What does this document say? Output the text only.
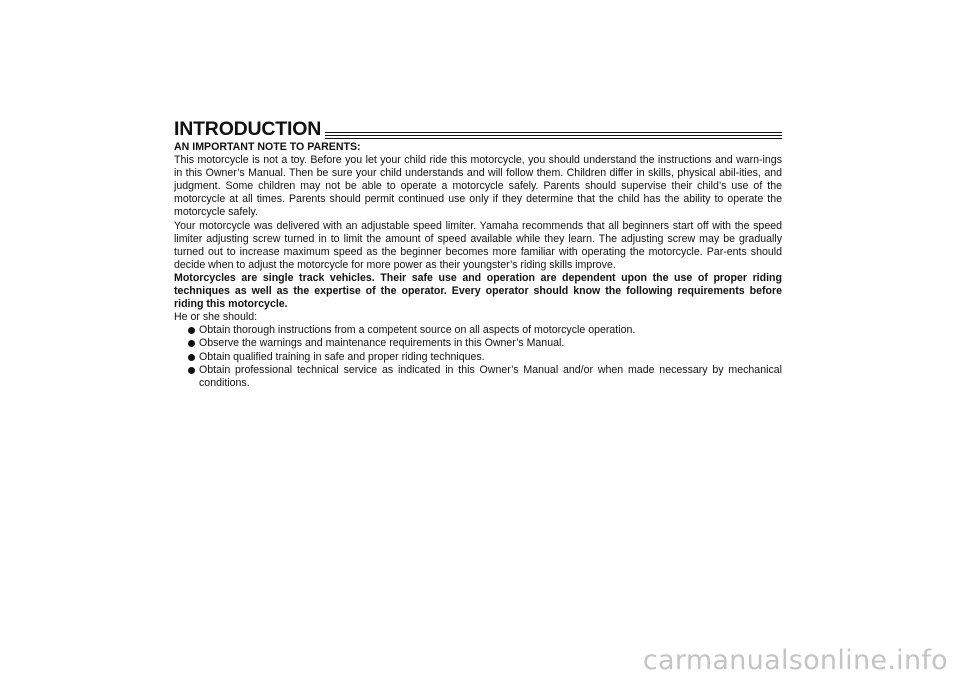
INTRODUCTION

AN IMPORTANT NOTE TO PARENTS:

This motorcycle is not a toy. Before you let your child ride this motorcycle, you should understand the instructions and warn-ings in this Owner’s Manual. Then be sure your child understands and will follow them. Children differ in skills, physical abil-ities, and judgment. Some children may not be able to operate a motorcycle safely. Parents should supervise their child’s use of the motorcycle at all times. Parents should permit continued use only if they determine that the child has the ability to operate the motorcycle safely.

Your motorcycle was delivered with an adjustable speed limiter. Yamaha recommends that all beginners start off with the speed limiter adjusting screw turned in to limit the amount of speed available while they learn. The adjusting screw may be gradually turned out to increase maximum speed as the beginner becomes more familiar with operating the motorcycle. Par-ents should decide when to adjust the motorcycle for more power as their youngster’s riding skills improve.

Motorcycles are single track vehicles. Their safe use and operation are dependent upon the use of proper riding techniques as well as the expertise of the operator. Every operator should know the following requirements before riding this motorcycle.

He or she should:

Obtain thorough instructions from a competent source on all aspects of motorcycle operation.
Observe the warnings and maintenance requirements in this Owner’s Manual.
Obtain qualified training in safe and proper riding techniques.
Obtain professional technical service as indicated in this Owner’s Manual and/or when made necessary by mechanical conditions.
carmanualsonline.info
